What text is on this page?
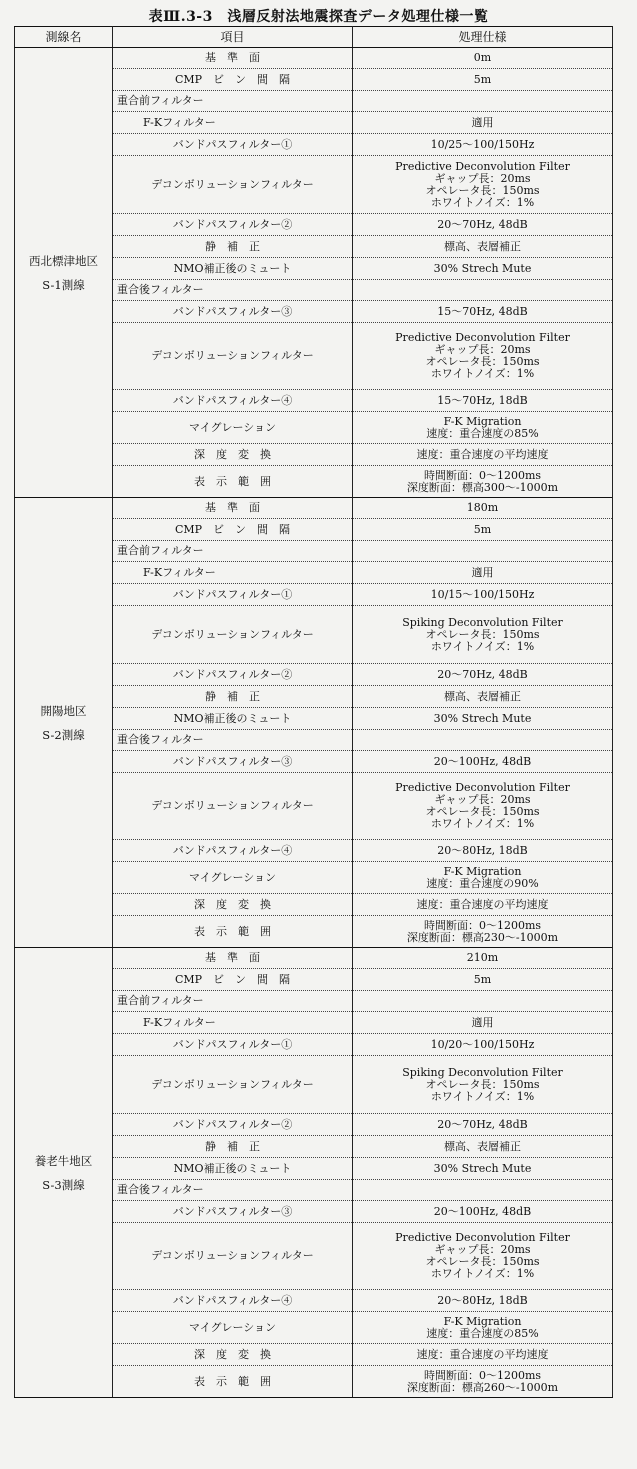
表Ⅲ.3-3　浅層反射法地震探査データ処理仕様一覧
測線名	項目	処理仕様

西北標津地区
S-1測線	基　準　面	0m

	CMP　ビ　ン　間　隔	5m

	重合前フィルター	
	F-Kフィルター	適用

	バンドパスフィルター①	10/25～100/150Hz

	デコンボリューションフィルター	Predictive Deconvolution Filter
ギャップ長：20ms
オペレータ長：150ms
ホワイトノイズ：1%

	バンドパスフィルター②	20～70Hz, 48dB

	静　補　正	標高、表層補正

	NMO補正後のミュート	30% Strech Mute

	重合後フィルター	
	バンドパスフィルター③	15～70Hz, 48dB

	デコンボリューションフィルター	Predictive Deconvolution Filter
ギャップ長：20ms
オペレータ長：150ms
ホワイトノイズ：1%

	バンドパスフィルター④	15～70Hz, 18dB

	マイグレーション	F-K Migration
速度：重合速度の85%

	深　度　変　換	速度：重合速度の平均速度

	表　示　範　囲	時間断面：0～1200ms
深度断面：標高300～-1000m

開陽地区
S-2測線	基　準　面	180m

	CMP　ビ　ン　間　隔	5m

	重合前フィルター	
	F-Kフィルター	適用

	バンドパスフィルター①	10/15～100/150Hz

	デコンボリューションフィルター	Spiking Deconvolution Filter
オペレータ長：150ms
ホワイトノイズ：1%

	バンドパスフィルター②	20～70Hz, 48dB

	静　補　正	標高、表層補正

	NMO補正後のミュート	30% Strech Mute

	重合後フィルター	
	バンドパスフィルター③	20～100Hz, 48dB

	デコンボリューションフィルター	Predictive Deconvolution Filter
ギャップ長：20ms
オペレータ長：150ms
ホワイトノイズ：1%

	バンドパスフィルター④	20～80Hz, 18dB

	マイグレーション	F-K Migration
速度：重合速度の90%

	深　度　変　換	速度：重合速度の平均速度

	表　示　範　囲	時間断面：0～1200ms
深度断面：標高230～-1000m

養老牛地区
S-3測線	基　準　面	210m

	CMP　ビ　ン　間　隔	5m

	重合前フィルター	
	F-Kフィルター	適用

	バンドパスフィルター①	10/20～100/150Hz

	デコンボリューションフィルター	Spiking Deconvolution Filter
オペレータ長：150ms
ホワイトノイズ：1%

	バンドパスフィルター②	20～70Hz, 48dB

	静　補　正	標高、表層補正

	NMO補正後のミュート	30% Strech Mute

	重合後フィルター	
	バンドパスフィルター③	20～100Hz, 48dB

	デコンボリューションフィルター	Predictive Deconvolution Filter
ギャップ長：20ms
オペレータ長：150ms
ホワイトノイズ：1%

	バンドパスフィルター④	20～80Hz, 18dB

	マイグレーション	F-K Migration
速度：重合速度の85%

	深　度　変　換	速度：重合速度の平均速度

	表　示　範　囲	時間断面：0～1200ms
深度断面：標高260～-1000m
